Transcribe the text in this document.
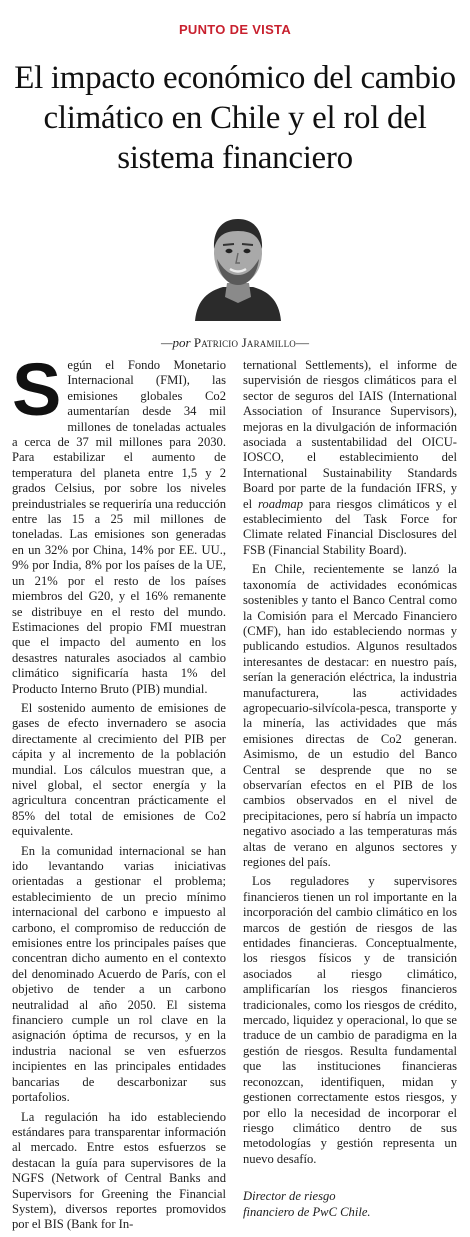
PUNTO DE VISTA
El impacto económico del cambio climático en Chile y el rol del sistema financiero
—por Patricio Jaramillo—

Según el Fondo Monetario Internacional (FMI), las emisiones globales Co2 aumentarían desde 34 mil millones de toneladas actuales a cerca de 37 mil millones para 2030. Para estabilizar el aumento de temperatura del planeta entre 1,5 y 2 grados Celsius, por sobre los niveles preindustriales se requeriría una reducción entre las 15 a 25 mil millones de toneladas. Las emisiones son generadas en un 32% por China, 14% por EE. UU., 9% por India, 8% por los países de la UE, un 21% por el resto de los países miembros del G20, y el 16% remanente se distribuye en el resto del mundo. Estimaciones del propio FMI muestran que el impacto del aumento en los desastres naturales asociados al cambio climático significaría hasta 1% del Producto Interno Bruto (PIB) mundial.

El sostenido aumento de emisiones de gases de efecto invernadero se asocia directamente al crecimiento del PIB per cápita y al incremento de la población mundial. Los cálculos muestran que, a nivel global, el sector energía y la agricultura concentran prácticamente el 85% del total de emisiones de Co2 equivalente.

En la comunidad internacional se han ido levantando varias iniciativas orientadas a gestionar el problema; establecimiento de un precio mínimo internacional del carbono e impuesto al carbono, el compromiso de reducción de emisiones entre los principales países que concentran dicho aumento en el contexto del denominado Acuerdo de París, con el objetivo de tender a un carbono neutralidad al año 2050. El sistema financiero cumple un rol clave en la asignación óptima de recursos, y en la industria nacional se ven esfuerzos incipientes en las principales entidades bancarias de descarbonizar sus portafolios.

La regulación ha ido estableciendo estándares para transparentar información al mercado. Entre estos esfuerzos se destacan la guía para supervisores de la NGFS (Network of Central Banks and Supervisors for Greening the Financial System), diversos reportes promovidos por el BIS (Bank for In-

ternational Settlements), el informe de supervisión de riesgos climáticos para el sector de seguros del IAIS (International Association of Insurance Supervisors), mejoras en la divulgación de información asociada a sustentabilidad del OICU-IOSCO, el establecimiento del International Sustainability Standards Board por parte de la fundación IFRS, y el roadmap para riesgos climáticos y el establecimiento del Task Force for Climate related Financial Disclosures del FSB (Financial Stability Board).

En Chile, recientemente se lanzó la taxonomía de actividades económicas sostenibles y tanto el Banco Central como la Comisión para el Mercado Financiero (CMF), han ido estableciendo normas y publicando estudios. Algunos resultados interesantes de destacar: en nuestro país, serían la generación eléctrica, la industria manufacturera, las actividades agropecuario-silvícola-pesca, transporte y la minería, las actividades que más emisiones directas de Co2 generan. Asimismo, de un estudio del Banco Central se desprende que no se observarían efectos en el PIB de los cambios observados en el nivel de precipitaciones, pero sí habría un impacto negativo asociado a las temperaturas más altas de verano en algunos sectores y regiones del país.

Los reguladores y supervisores financieros tienen un rol importante en la incorporación del cambio climático en los marcos de gestión de riesgos de las entidades financieras. Conceptualmente, los riesgos físicos y de transición asociados al riesgo climático, amplificarían los riesgos financieros tradicionales, como los riesgos de crédito, mercado, liquidez y operacional, lo que se traduce de un cambio de paradigma en la gestión de riesgos. Resulta fundamental que las instituciones financieras reconozcan, identifiquen, midan y gestionen correctamente estos riesgos, y por ello la necesidad de incorporar el riesgo climático dentro de sus metodologías y gestión representa un nuevo desafío.

Director de riesgo
financiero de PwC Chile.
